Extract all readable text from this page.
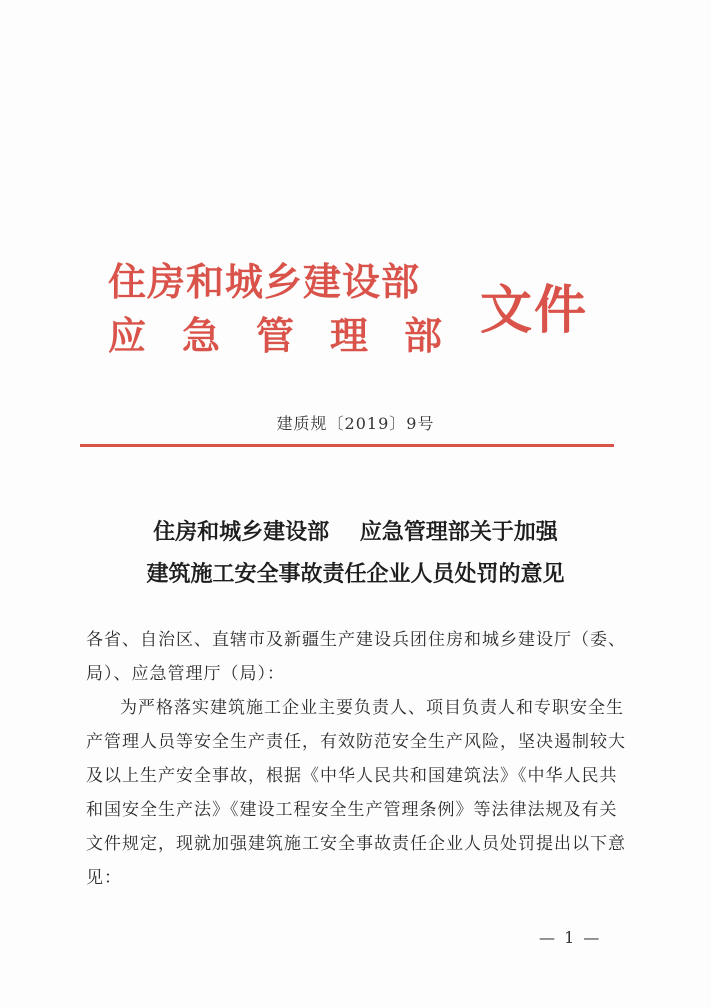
住房和城乡建设部
应急管理部 文件
建质规〔2019〕9号
住房和城乡建设部    应急管理部关于加强
建筑施工安全事故责任企业人员处罚的意见
各省、自治区、直辖市及新疆生产建设兵团住房和城乡建设厅（委、局）、应急管理厅（局）：
为严格落实建筑施工企业主要负责人、项目负责人和专职安全生产管理人员等安全生产责任，有效防范安全生产风险，坚决遏制较大及以上生产安全事故，根据《中华人民共和国建筑法》《中华人民共和国安全生产法》《建设工程安全生产管理条例》等法律法规及有关文件规定，现就加强建筑施工安全事故责任企业人员处罚提出以下意见：
— 1 —
